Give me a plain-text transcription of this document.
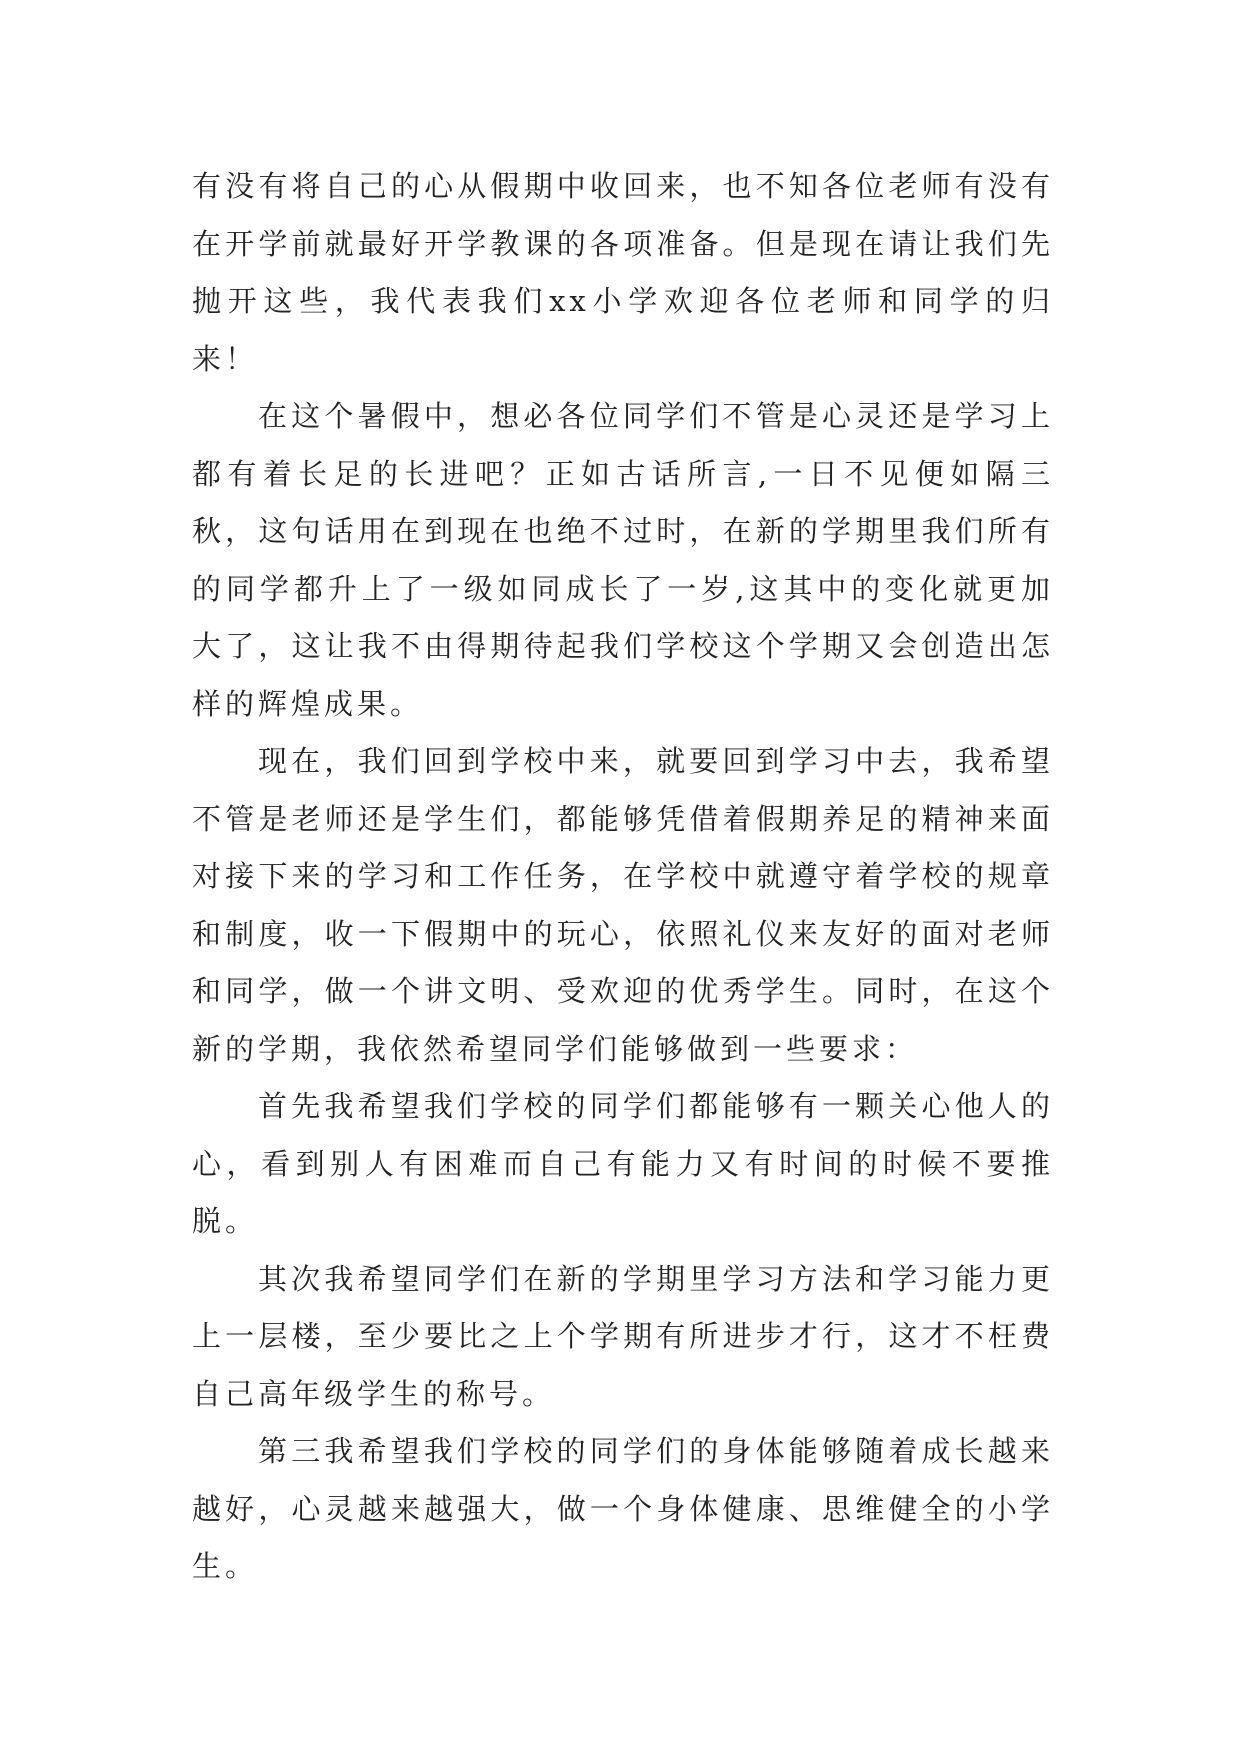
有没有将自己的心从假期中收回来，也不知各位老师有没有在开学前就最好开学教课的各项准备。但是现在请让我们先抛开这些，我代表我们xx小学欢迎各位老师和同学的归来！

在这个暑假中，想必各位同学们不管是心灵还是学习上都有着长足的长进吧？正如古话所言,一日不见便如隔三秋，这句话用在到现在也绝不过时，在新的学期里我们所有的同学都升上了一级如同成长了一岁,这其中的变化就更加大了，这让我不由得期待起我们学校这个学期又会创造出怎样的辉煌成果。

现在，我们回到学校中来，就要回到学习中去，我希望不管是老师还是学生们，都能够凭借着假期养足的精神来面对接下来的学习和工作任务，在学校中就遵守着学校的规章和制度，收一下假期中的玩心，依照礼仪来友好的面对老师和同学，做一个讲文明、受欢迎的优秀学生。同时，在这个新的学期，我依然希望同学们能够做到一些要求：

首先我希望我们学校的同学们都能够有一颗关心他人的心，看到别人有困难而自己有能力又有时间的时候不要推脱。

其次我希望同学们在新的学期里学习方法和学习能力更上一层楼，至少要比之上个学期有所进步才行，这才不枉费自己高年级学生的称号。

第三我希望我们学校的同学们的身体能够随着成长越来越好，心灵越来越强大，做一个身体健康、思维健全的小学生。
